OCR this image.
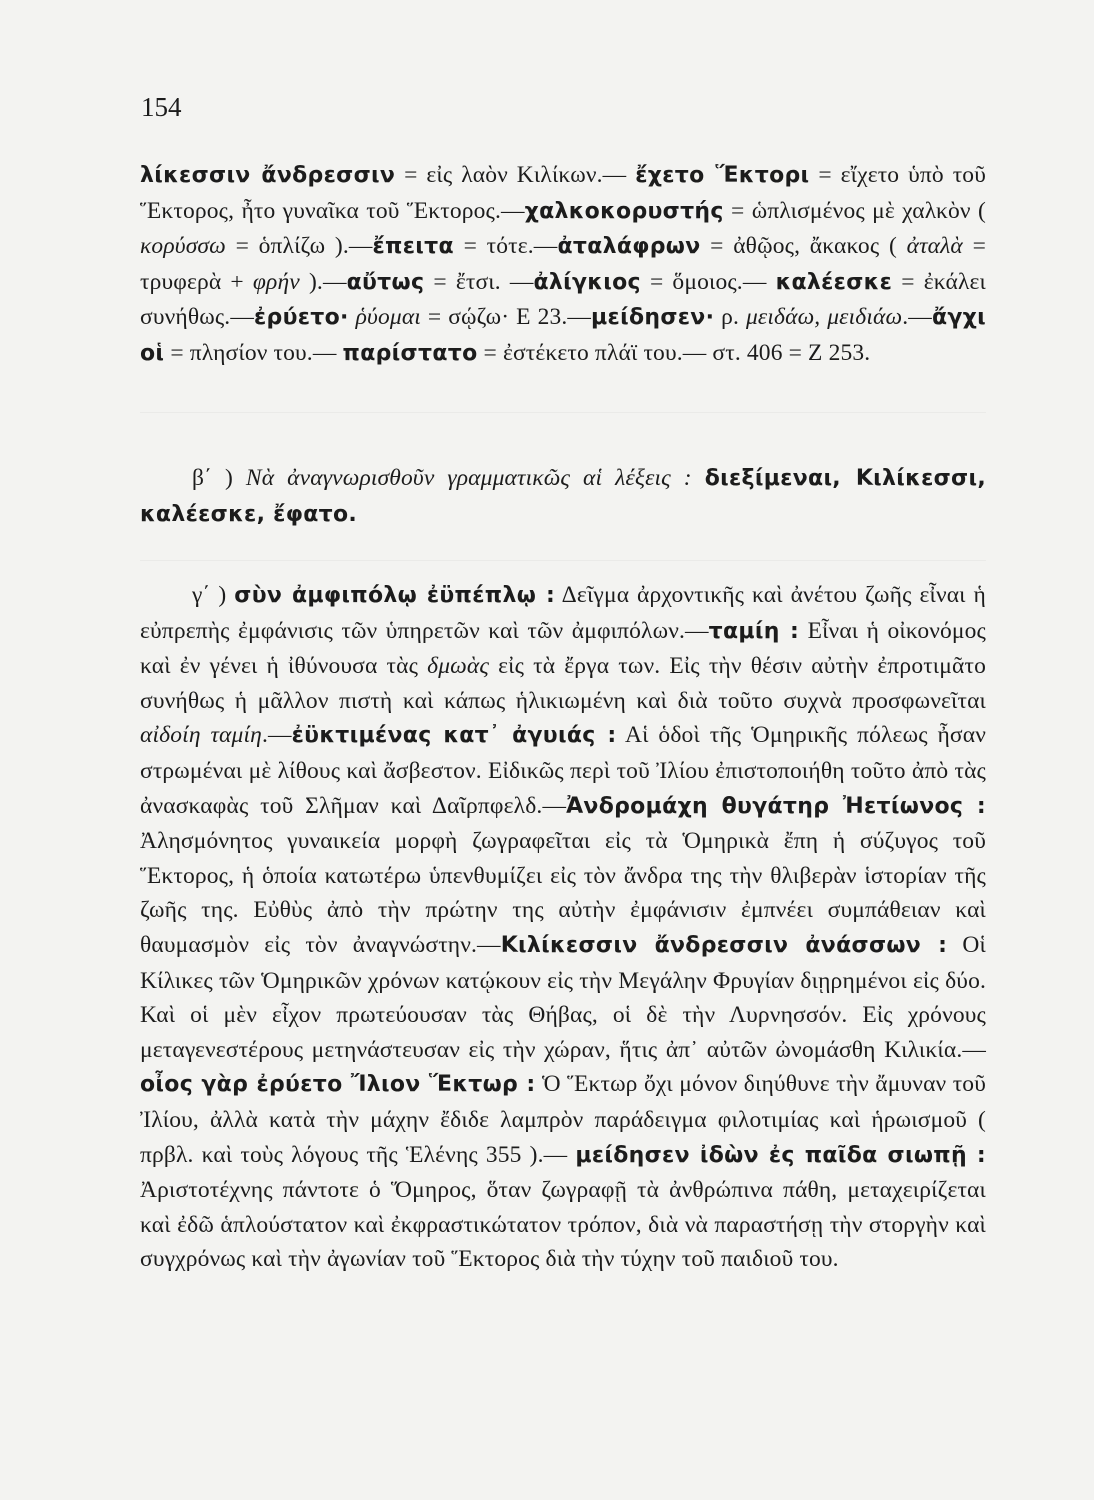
154

λίκεσσιν ἄνδρεσσιν = εἰς λαὸν Κιλίκων.— ἔχετο Ἕκτορι = εἴχετο ὑπὸ τοῦ Ἕκτορος, ἦτο γυναῖκα τοῦ Ἕκτορος.—χαλκοκορυστής = ὡπλισμένος μὲ χαλκὸν ( κορύσσω = ὁπλίζω ).—ἔπειτα = τότε.—ἀταλάφρων = ἀθῷος, ἄκακος ( ἀταλὰ = τρυφερὰ + φρήν ).—αὔτως = ἔτσι. —ἀλίγκιος = ὅμοιος.— καλέεσκε = ἐκάλει συνήθως.—ἐρύετο· ῥύομαι = σῴζω· Ε 23.—μείδησεν· ρ. μειδάω, μειδιάω.—ἄγχι οἱ = πλησίον του.— παρίστατο = ἐστέκετο πλάϊ του.— στ. 406 = Ζ 253.

β΄ ) Νὰ ἀναγνωρισθοῦν γραμματικῶς αἱ λέξεις : διεξίμεναι, Κιλίκεσσι, καλέεσκε, ἔφατο.

γ΄ ) σὺν ἀμφιπόλῳ ἐϋπέπλῳ : Δεῖγμα ἀρχοντικῆς καὶ ἀνέτου ζωῆς εἶναι ἡ εὐπρεπὴς ἐμφάνισις τῶν ὑπηρετῶν καὶ τῶν ἀμφιπόλων.—ταμίη : Εἶναι ἡ οἰκονόμος καὶ ἐν γένει ἡ ἰθύνουσα τὰς δμωὰς εἰς τὰ ἔργα των. Εἰς τὴν θέσιν αὐτὴν ἐπροτιμᾶτο συνήθως ἡ μᾶλλον πιστὴ καὶ κάπως ἡλικιωμένη καὶ διὰ τοῦτο συχνὰ προσφωνεῖται αἰδοίη ταμίη.—ἐϋκτιμένας κατ᾽ ἀγυιάς : Αἱ ὁδοὶ τῆς Ὁμηρικῆς πόλεως ἦσαν στρωμέναι μὲ λίθους καὶ ἄσβεστον. Εἰδικῶς περὶ τοῦ Ἰλίου ἐπιστοποιήθη τοῦτο ἀπὸ τὰς ἀνασκαφὰς τοῦ Σλῆμαν καὶ Δαῖρπφελδ.—Ἀνδρομάχη θυγάτηρ Ἠετίωνος : Ἀλησμόνητος γυναικεία μορφὴ ζωγραφεῖται εἰς τὰ Ὁμηρικὰ ἔπη ἡ σύζυγος τοῦ Ἕκτορος, ἡ ὁποία κατωτέρω ὑπενθυμίζει εἰς τὸν ἄνδρα της τὴν θλιβερὰν ἱστορίαν τῆς ζωῆς της. Εὐθὺς ἀπὸ τὴν πρώτην της αὐτὴν ἐμφάνισιν ἐμπνέει συμπάθειαν καὶ θαυμασμὸν εἰς τὸν ἀναγνώστην.—Κιλίκεσσιν ἄνδρεσσιν ἀνάσσων : Οἱ Κίλικες τῶν Ὁμηρικῶν χρόνων κατῴκουν εἰς τὴν Μεγάλην Φρυγίαν διῃρημένοι εἰς δύο. Καὶ οἱ μὲν εἶχον πρωτεύουσαν τὰς Θήβας, οἱ δὲ τὴν Λυρνησσόν. Εἰς χρόνους μεταγενεστέρους μετηνάστευσαν εἰς τὴν χώραν, ἥτις ἀπ᾽ αὐτῶν ὠνομάσθη Κιλικία.—οἶος γὰρ ἐρύετο Ἴλιον Ἕκτωρ : Ὁ Ἕκτωρ ὄχι μόνον διηύθυνε τὴν ἄμυναν τοῦ Ἰλίου, ἀλλὰ κατὰ τὴν μάχην ἔδιδε λαμπρὸν παράδειγμα φιλοτιμίας καὶ ἡρωισμοῦ ( πρβλ. καὶ τοὺς λόγους τῆς Ἑλένης 355 ).— μείδησεν ἰδὼν ἐς παῖδα σιωπῇ : Ἀριστοτέχνης πάντοτε ὁ Ὅμηρος, ὅταν ζωγραφῇ τὰ ἀνθρώπινα πάθη, μεταχειρίζεται καὶ ἐδῶ ἁπλούστατον καὶ ἐκφραστικώτατον τρόπον, διὰ νὰ παραστήσῃ τὴν στοργὴν καὶ συγχρόνως καὶ τὴν ἀγωνίαν τοῦ Ἕκτορος διὰ τὴν τύχην τοῦ παιδιοῦ του.
